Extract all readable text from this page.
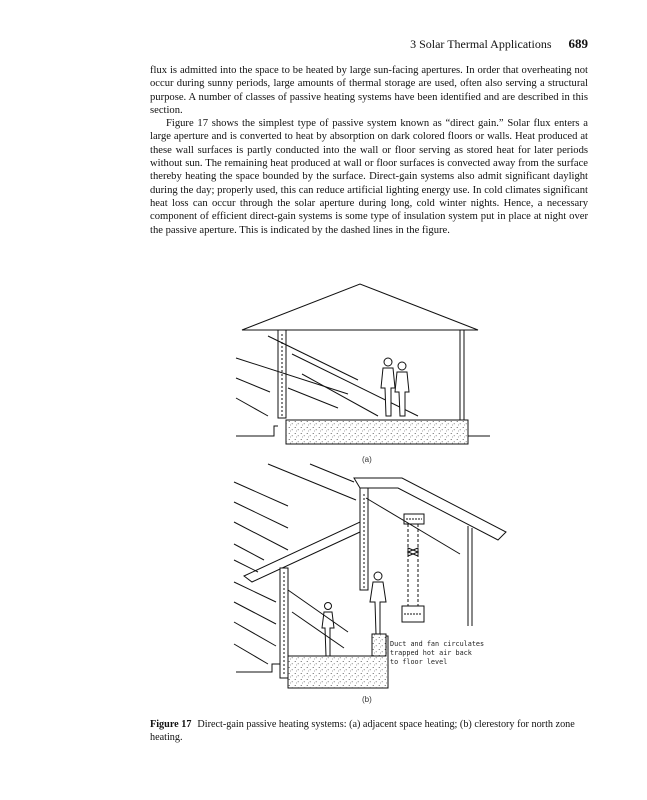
3 Solar Thermal Applications 689

flux is admitted into the space to be heated by large sun-facing apertures. In order that overheating not occur during sunny periods, large amounts of thermal storage are used, often also serving a structural purpose. A number of classes of passive heating systems have been identified and are described in this section.

Figure 17 shows the simplest type of passive system known as “direct gain.” Solar flux enters a large aperture and is converted to heat by absorption on dark colored floors or walls. Heat produced at these wall surfaces is partly conducted into the wall or floor serving as stored heat for later periods without sun. The remaining heat produced at wall or floor surfaces is convected away from the surface thereby heating the space bounded by the surface. Direct-gain systems also admit significant daylight during the day; properly used, this can reduce artificial lighting energy use. In cold climates significant heat loss can occur through the solar aperture during long, cold winter nights. Hence, a necessary component of efficient direct-gain systems is some type of insulation system put in place at night over the passive aperture. This is indicated by the dashed lines in the figure.

(a)
Duct and fan circulates
trapped hot air back
to floor level
(b)
Figure 17 Direct-gain passive heating systems: (a) adjacent space heating; (b) clerestory for north zone heating.
